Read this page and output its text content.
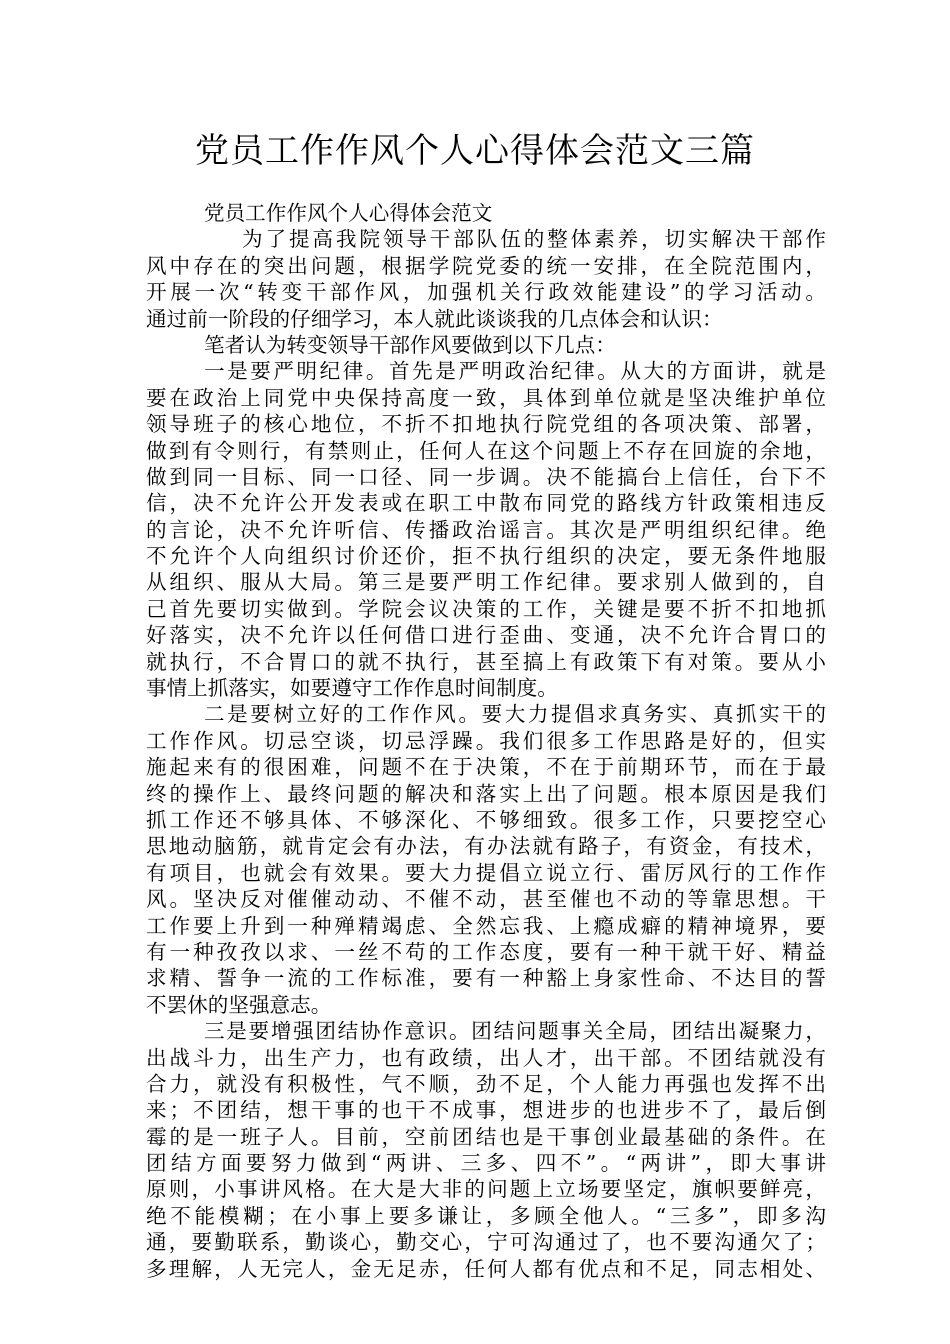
党员工作作风个人心得体会范文三篇
党员工作作风个人心得体会范文
为了提高我院领导干部队伍的整体素养，切实解决干部作
风中存在的突出问题，根据学院党委的统一安排，在全院范围内，
开展一次“转变干部作风，加强机关行政效能建设”的学习活动。
通过前一阶段的仔细学习，本人就此谈谈我的几点体会和认识：
笔者认为转变领导干部作风要做到以下几点：
一是要严明纪律。首先是严明政治纪律。从大的方面讲，就是
要在政治上同党中央保持高度一致，具体到单位就是坚决维护单位
领导班子的核心地位，不折不扣地执行院党组的各项决策、部署，
做到有令则行，有禁则止，任何人在这个问题上不存在回旋的余地，
做到同一目标、同一口径、同一步调。决不能搞台上信任，台下不
信，决不允许公开发表或在职工中散布同党的路线方针政策相违反
的言论，决不允许听信、传播政治谣言。其次是严明组织纪律。绝
不允许个人向组织讨价还价，拒不执行组织的决定，要无条件地服
从组织、服从大局。第三是要严明工作纪律。要求别人做到的，自
己首先要切实做到。学院会议决策的工作，关键是要不折不扣地抓
好落实，决不允许以任何借口进行歪曲、变通，决不允许合胃口的
就执行，不合胃口的就不执行，甚至搞上有政策下有对策。要从小
事情上抓落实，如要遵守工作作息时间制度。
二是要树立好的工作作风。要大力提倡求真务实、真抓实干的
工作作风。切忌空谈，切忌浮躁。我们很多工作思路是好的，但实
施起来有的很困难，问题不在于决策，不在于前期环节，而在于最
终的操作上、最终问题的解决和落实上出了问题。根本原因是我们
抓工作还不够具体、不够深化、不够细致。很多工作，只要挖空心
思地动脑筋，就肯定会有办法，有办法就有路子，有资金，有技术，
有项目，也就会有效果。要大力提倡立说立行、雷厉风行的工作作
风。坚决反对催催动动、不催不动，甚至催也不动的等靠思想。干
工作要上升到一种殚精竭虑、全然忘我、上瘾成癖的精神境界，要
有一种孜孜以求、一丝不苟的工作态度，要有一种干就干好、精益
求精、誓争一流的工作标准，要有一种豁上身家性命、不达目的誓
不罢休的坚强意志。
三是要增强团结协作意识。团结问题事关全局，团结出凝聚力，
出战斗力，出生产力，也有政绩，出人才，出干部。不团结就没有
合力，就没有积极性，气不顺，劲不足，个人能力再强也发挥不出
来；不团结，想干事的也干不成事，想进步的也进步不了，最后倒
霉的是一班子人。目前，空前团结也是干事创业最基础的条件。在
团结方面要努力做到“两讲、三多、四不”。“两讲”，即大事讲
原则，小事讲风格。在大是大非的问题上立场要坚定，旗帜要鲜亮，
绝不能模糊；在小事上要多谦让，多顾全他人。“三多”，即多沟
通，要勤联系，勤谈心，勤交心，宁可沟通过了，也不要沟通欠了；
多理解，人无完人，金无足赤，任何人都有优点和不足，同志相处、
